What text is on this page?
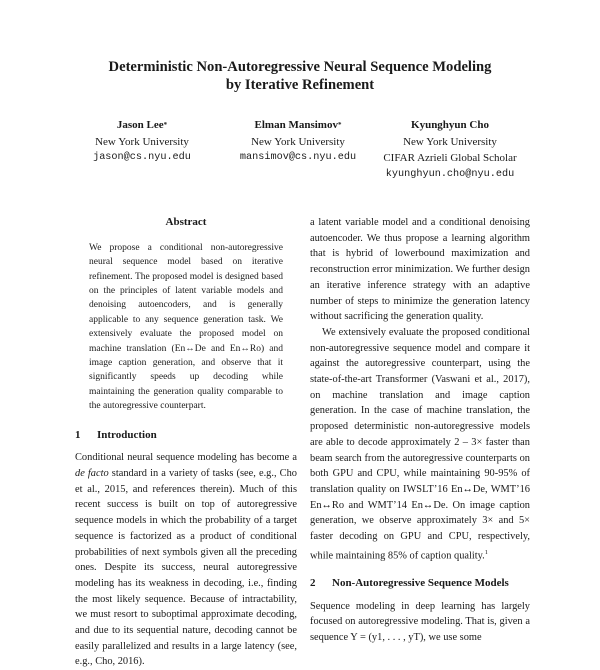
Deterministic Non-Autoregressive Neural Sequence Modeling
by Iterative Refinement
Jason Lee*
New York University
jason@cs.nyu.edu
Elman Mansimov*
New York University
mansimov@cs.nyu.edu
Kyunghyun Cho
New York University
CIFAR Azrieli Global Scholar
kyunghyun.cho@nyu.edu
Abstract

We propose a conditional non-autoregressive neural sequence model based on iterative refinement. The proposed model is designed based on the principles of latent variable models and denoising autoencoders, and is generally applicable to any sequence generation task. We extensively evaluate the proposed model on machine translation (En↔De and En↔Ro) and image caption generation, and observe that it significantly speeds up decoding while maintaining the generation quality comparable to the autoregressive counterpart.

1 Introduction

Conditional neural sequence modeling has become a de facto standard in a variety of tasks (see, e.g., Cho et al., 2015, and references therein). Much of this recent success is built on top of autoregressive sequence models in which the probability of a target sequence is factorized as a product of conditional probabilities of next symbols given all the preceding ones. Despite its success, neural autoregressive modeling has its weakness in decoding, i.e., finding the most likely sequence. Because of intractability, we must resort to suboptimal approximate decoding, and due to its sequential nature, decoding cannot be easily parallelized and results in a large latency (see, e.g., Cho, 2016).

a latent variable model and a conditional denoising autoencoder. We thus propose a learning algorithm that is hybrid of lowerbound maximization and reconstruction error minimization. We further design an iterative inference strategy with an adaptive number of steps to minimize the generation latency without sacrificing the generation quality.

We extensively evaluate the proposed conditional non-autoregressive sequence model and compare it against the autoregressive counterpart, using the state-of-the-art Transformer (Vaswani et al., 2017), on machine translation and image caption generation. In the case of machine translation, the proposed deterministic non-autoregressive models are able to decode approximately 2 – 3× faster than beam search from the autoregressive counterparts on both GPU and CPU, while maintaining 90-95% of translation quality on IWSLT’16 En↔De, WMT’16 En↔Ro and WMT’14 En↔De. On image caption generation, we observe approximately 3× and 5× faster decoding on GPU and CPU, respectively, while maintaining 85% of caption quality.$^1$

2 Non-Autoregressive Sequence Models

Sequence modeling in deep learning has largely focused on autoregressive modeling. That is, given a sequence Y = (y1, . . . , yT), we use some
